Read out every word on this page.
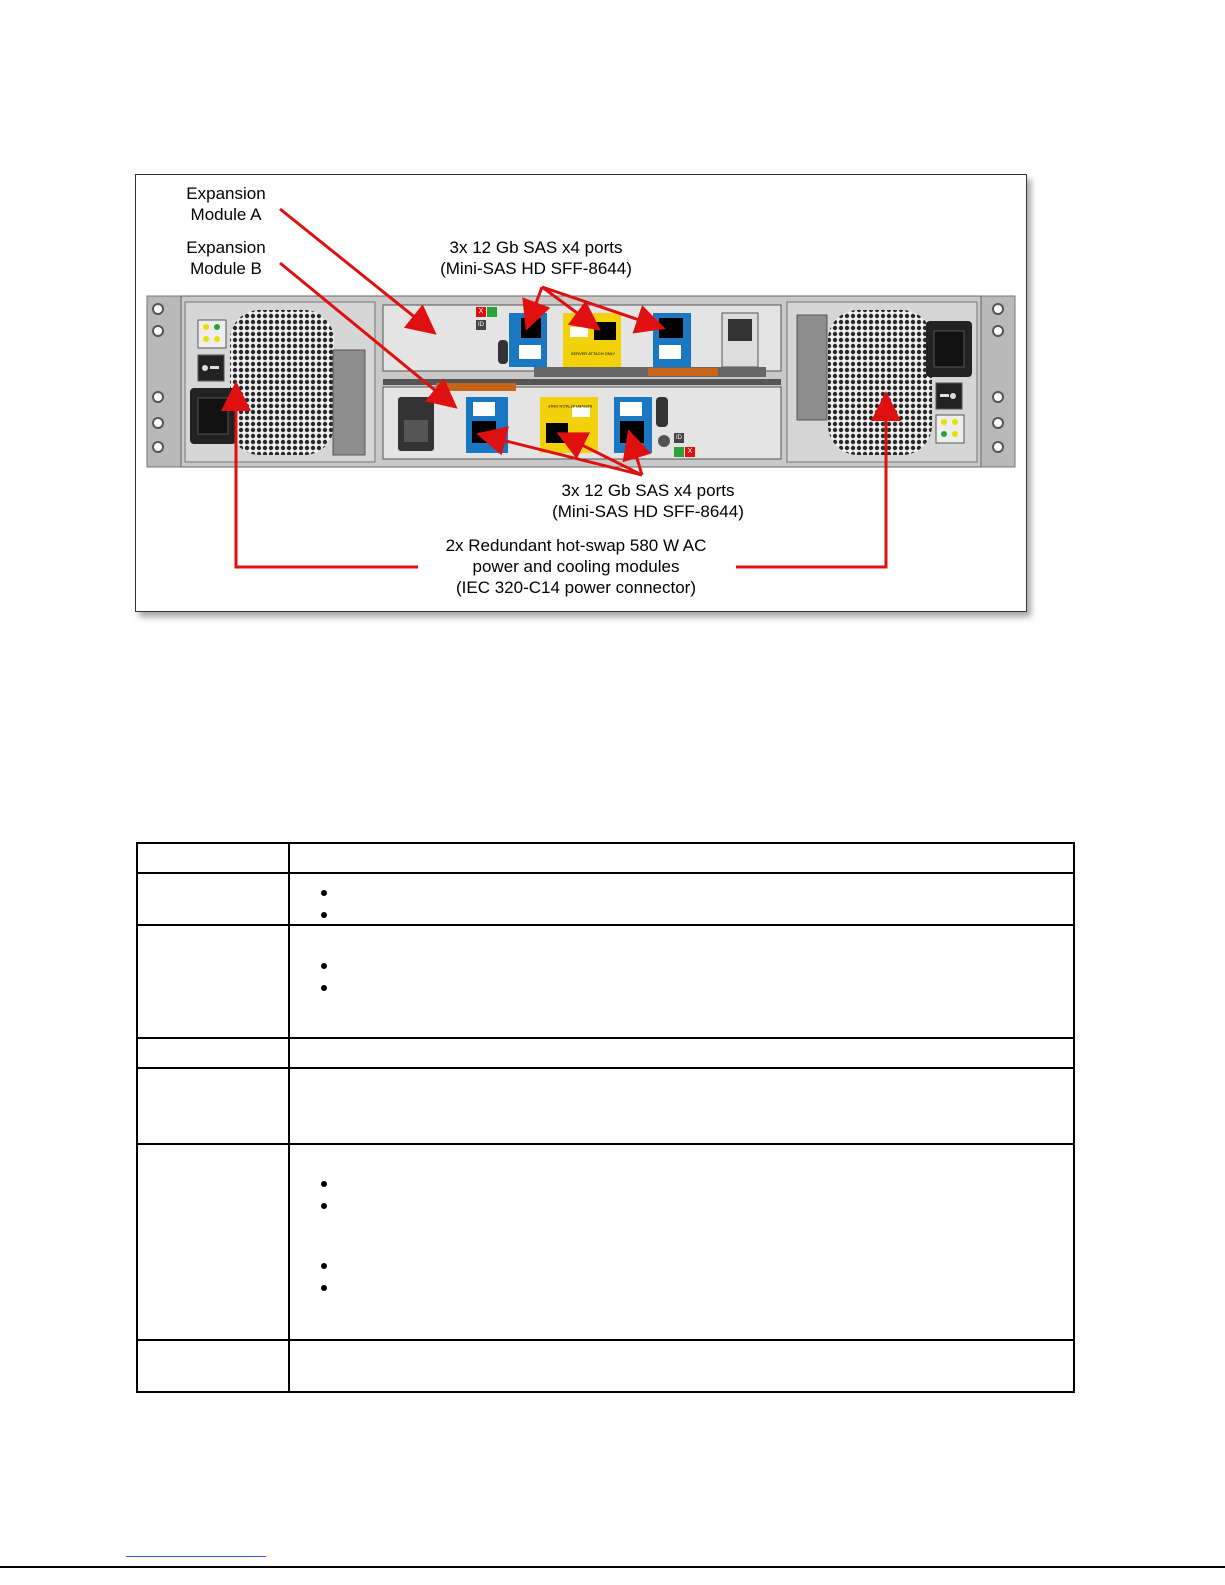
Expansion
Module A
Expansion
Module B
3x 12 Gb SAS x4 ports
(Mini-SAS HD SFF-8644)
3x 12 Gb SAS x4 ports
(Mini-SAS HD SFF-8644)
2x Redundant hot-swap 580 W AC
power and cooling modules
(IEC 320-C14 power connector)
SERVER ATTACH ONLY
SERVER ATTACH ONLY
ID
X
ID
X
